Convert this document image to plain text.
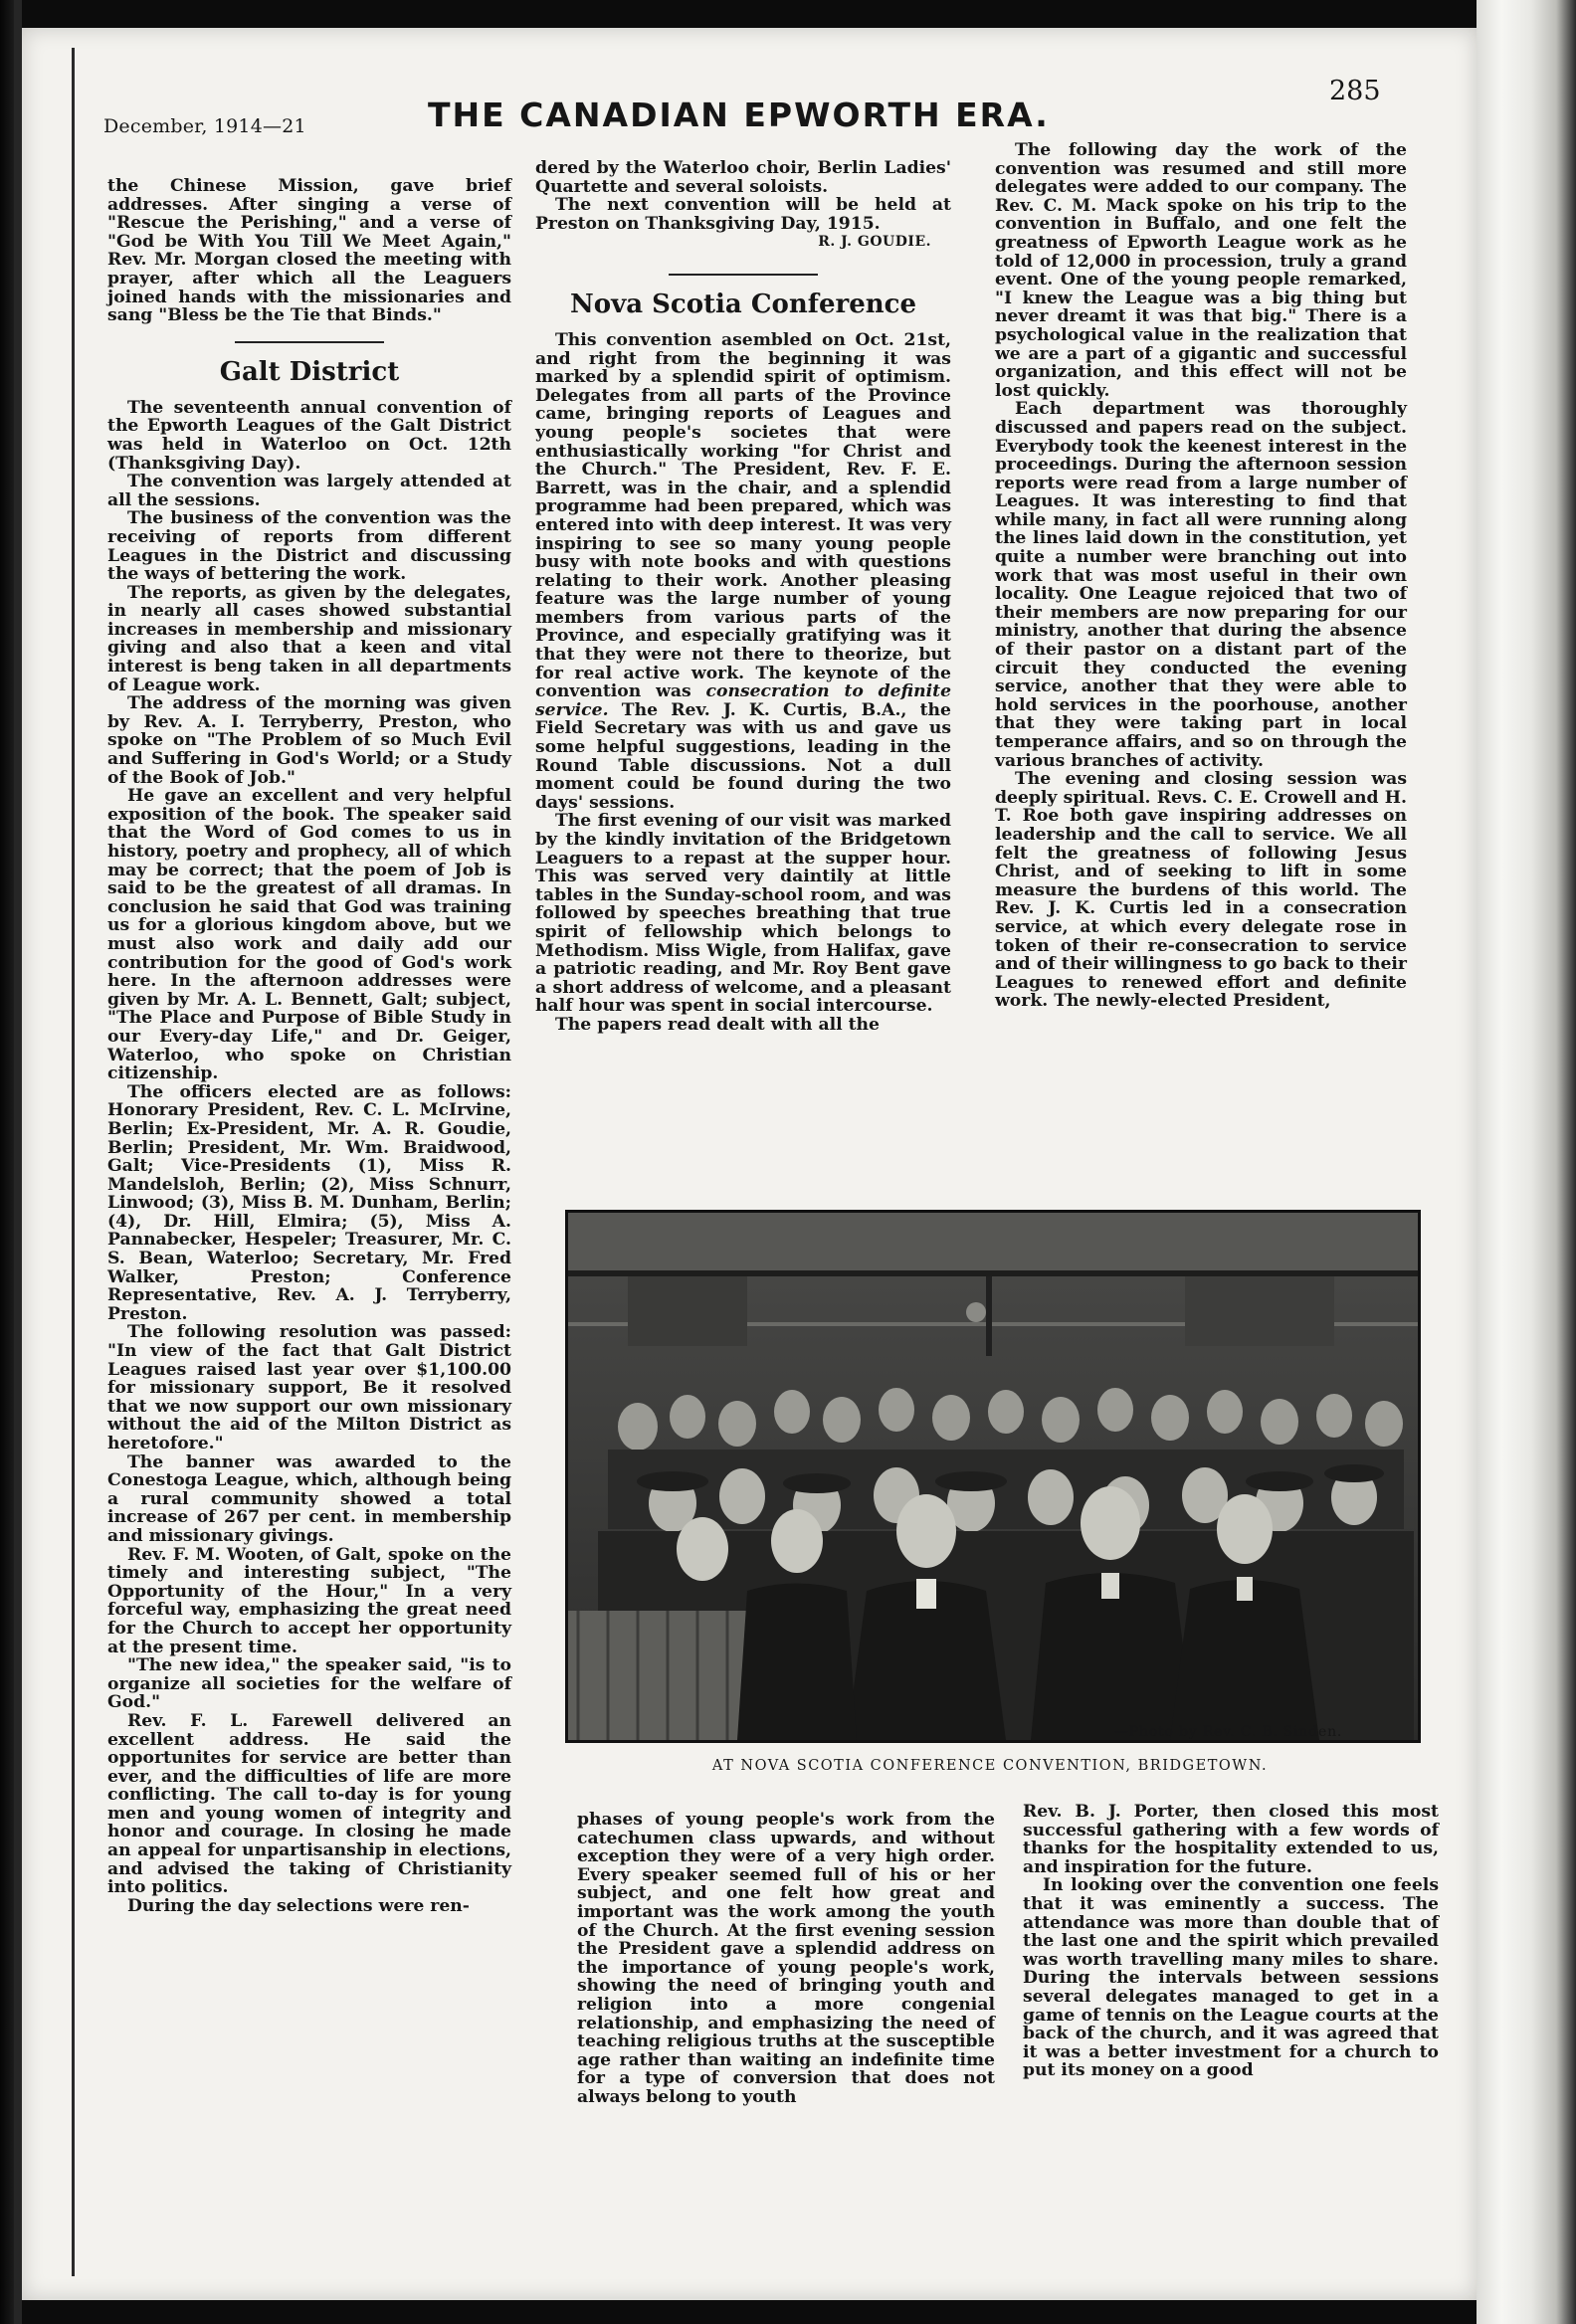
December, 1914—21	THE CANADIAN EPWORTH ERA.
285

the Chinese Mission, gave brief addresses. After singing a verse of "Rescue the Perishing," and a verse of "God be With You Till We Meet Again," Rev. Mr. Morgan closed the meeting with prayer, after which all the Leaguers joined hands with the missionaries and sang "Bless be the Tie that Binds."

Galt District

The seventeenth annual convention of the Epworth Leagues of the Galt District was held in Waterloo on Oct. 12th (Thanksgiving Day).

The convention was largely attended at all the sessions.

The business of the convention was the receiving of reports from different Leagues in the District and discussing the ways of bettering the work.

The reports, as given by the delegates, in nearly all cases showed substantial increases in membership and missionary giving and also that a keen and vital interest is beng taken in all departments of League work.

The address of the morning was given by Rev. A. I. Terryberry, Preston, who spoke on "The Problem of so Much Evil and Suffering in God's World; or a Study of the Book of Job."

He gave an excellent and very helpful exposition of the book. The speaker said that the Word of God comes to us in history, poetry and prophecy, all of which may be correct; that the poem of Job is said to be the greatest of all dramas. In conclusion he said that God was training us for a glorious kingdom above, but we must also work and daily add our contribution for the good of God's work here. In the afternoon addresses were given by Mr. A. L. Bennett, Galt; subject, "The Place and Purpose of Bible Study in our Every-day Life," and Dr. Geiger, Waterloo, who spoke on Christian citizenship.

The officers elected are as follows: Honorary President, Rev. C. L. McIrvine, Berlin; Ex-President, Mr. A. R. Goudie, Berlin; President, Mr. Wm. Braidwood, Galt; Vice-Presidents (1), Miss R. Mandelsloh, Berlin; (2), Miss Schnurr, Linwood; (3), Miss B. M. Dunham, Berlin; (4), Dr. Hill, Elmira; (5), Miss A. Pannabecker, Hespeler; Treasurer, Mr. C. S. Bean, Waterloo; Secretary, Mr. Fred Walker, Preston; Conference Representative, Rev. A. J. Terryberry, Preston.

The following resolution was passed: "In view of the fact that Galt District Leagues raised last year over $1,100.00 for missionary support, Be it resolved that we now support our own missionary without the aid of the Milton District as heretofore."

The banner was awarded to the Conestoga League, which, although being a rural community showed a total increase of 267 per cent. in membership and missionary givings.

Rev. F. M. Wooten, of Galt, spoke on the timely and interesting subject, "The Opportunity of the Hour," In a very forceful way, emphasizing the great need for the Church to accept her opportunity at the present time.

"The new idea," the speaker said, "is to organize all societies for the welfare of God."

Rev. F. L. Farewell delivered an excellent address. He said the opportunites for service are better than ever, and the difficulties of life are more conflicting. The call to-day is for young men and young women of integrity and honor and courage. In closing he made an appeal for unpartisanship in elections, and advised the taking of Christianity into politics.

During the day selections were ren-

dered by the Waterloo choir, Berlin Ladies' Quartette and several soloists.

The next convention will be held at Preston on Thanksgiving Day, 1915.

R. J. GOUDIE.

Nova Scotia Conference

This convention asembled on Oct. 21st, and right from the beginning it was marked by a splendid spirit of optimism. Delegates from all parts of the Province came, bringing reports of Leagues and young people's societes that were enthusiastically working "for Christ and the Church." The President, Rev. F. E. Barrett, was in the chair, and a splendid programme had been prepared, which was entered into with deep interest. It was very inspiring to see so many young people busy with note books and with questions relating to their work. Another pleasing feature was the large number of young members from various parts of the Province, and especially gratifying was it that they were not there to theorize, but for real active work. The keynote of the convention was consecration to definite service. The Rev. J. K. Curtis, B.A., the Field Secretary was with us and gave us some helpful suggestions, leading in the Round Table discussions. Not a dull moment could be found during the two days' sessions.

The first evening of our visit was marked by the kindly invitation of the Bridgetown Leaguers to a repast at the supper hour. This was served very daintily at little tables in the Sunday-school room, and was followed by speeches breathing that true spirit of fellowship which belongs to Methodism. Miss Wigle, from Halifax, gave a patriotic reading, and Mr. Roy Bent gave a short address of welcome, and a pleasant half hour was spent in social intercourse.

The papers read dealt with all the

The following day the work of the convention was resumed and still more delegates were added to our company. The Rev. C. M. Mack spoke on his trip to the convention in Buffalo, and one felt the greatness of Epworth League work as he told of 12,000 in procession, truly a grand event. One of the young people remarked, "I knew the League was a big thing but never dreamt it was that big." There is a psychological value in the realization that we are a part of a gigantic and successful organization, and this effect will not be lost quickly.

Each department was thoroughly discussed and papers read on the subject. Everybody took the keenest interest in the proceedings. During the afternoon session reports were read from a large number of Leagues. It was interesting to find that while many, in fact all were running along the lines laid down in the constitution, yet quite a number were branching out into work that was most useful in their own locality. One League rejoiced that two of their members are now preparing for our ministry, another that during the absence of their pastor on a distant part of the circuit they conducted the evening service, another that they were able to hold services in the poorhouse, another that they were taking part in local temperance affairs, and so on through the various branches of activity.

The evening and closing session was deeply spiritual. Revs. C. E. Crowell and H. T. Roe both gave inspiring addresses on leadership and the call to service. We all felt the greatness of following Jesus Christ, and of seeking to lift in some measure the burdens of this world. The Rev. J. K. Curtis led in a consecration service, at which every delegate rose in token of their re-consecration to service and of their willingness to go back to their Leagues to renewed effort and definite work. The newly-elected President,

—Photo by Rev. C. B. Sinden.
AT NOVA SCOTIA CONFERENCE CONVENTION, BRIDGETOWN.

phases of young people's work from the catechumen class upwards, and without exception they were of a very high order. Every speaker seemed full of his or her subject, and one felt how great and important was the work among the youth of the Church. At the first evening session the President gave a splendid address on the importance of young people's work, showing the need of bringing youth and religion into a more congenial relationship, and emphasizing the need of teaching religious truths at the susceptible age rather than waiting an indefinite time for a type of conversion that does not always belong to youth

Rev. B. J. Porter, then closed this most successful gathering with a few words of thanks for the hospitality extended to us, and inspiration for the future.

In looking over the convention one feels that it was eminently a success. The attendance was more than double that of the last one and the spirit which prevailed was worth travelling many miles to share. During the intervals between sessions several delegates managed to get in a game of tennis on the League courts at the back of the church, and it was agreed that it was a better investment for a church to put its money on a good
